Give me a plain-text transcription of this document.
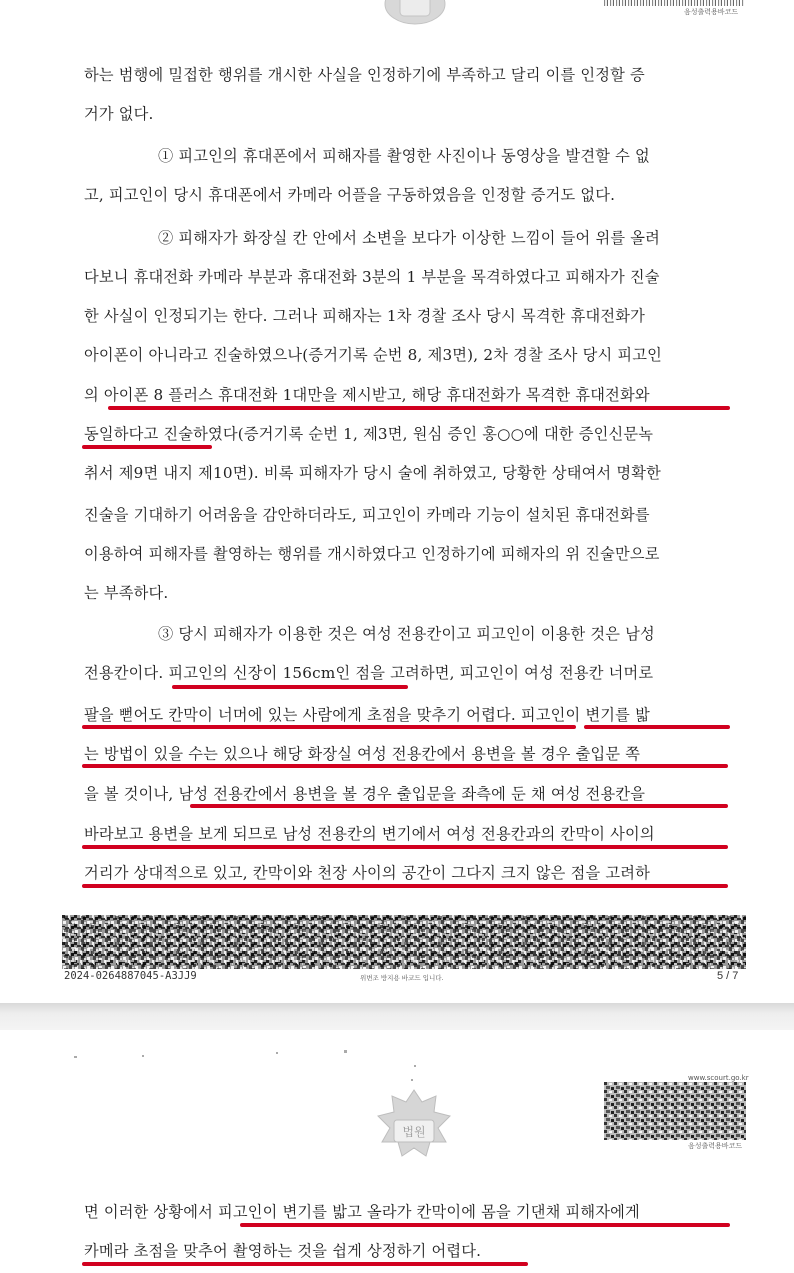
음성출력용바코드
하는 범행에 밀접한 행위를 개시한 사실을 인정하기에 부족하고 달리 이를 인정할 증
거가 없다.
① 피고인의 휴대폰에서 피해자를 촬영한 사진이나 동영상을 발견할 수 없
고, 피고인이 당시 휴대폰에서 카메라 어플을 구동하였음을 인정할 증거도 없다.
② 피해자가 화장실 칸 안에서 소변을 보다가 이상한 느낌이 들어 위를 올려
다보니 휴대전화 카메라 부분과 휴대전화 3분의 1 부분을 목격하였다고 피해자가 진술
한 사실이 인정되기는 한다. 그러나 피해자는 1차 경찰 조사 당시 목격한 휴대전화가
아이폰이 아니라고 진술하였으나(증거기록 순번 8, 제3면), 2차 경찰 조사 당시 피고인
의 아이폰 8 플러스 휴대전화 1대만을 제시받고, 해당 휴대전화가 목격한 휴대전화와
동일하다고 진술하였다(증거기록 순번 1, 제3면, 원심 증인 홍○○에 대한 증인신문녹
취서 제9면 내지 제10면). 비록 피해자가 당시 술에 취하였고, 당황한 상태여서 명확한
진술을 기대하기 어려움을 감안하더라도, 피고인이 카메라 기능이 설치된 휴대전화를
이용하여 피해자를 촬영하는 행위를 개시하였다고 인정하기에 피해자의 위 진술만으로
는 부족하다.
③ 당시 피해자가 이용한 것은 여성 전용칸이고 피고인이 이용한 것은 남성
전용칸이다. 피고인의 신장이 156cm인 점을 고려하면, 피고인이 여성 전용칸 너머로
팔을 뻗어도 칸막이 너머에 있는 사람에게 초점을 맞추기 어렵다. 피고인이 변기를 밟
는 방법이 있을 수는 있으나 해당 화장실 여성 전용칸에서 용변을 볼 경우 출입문 쪽
을 볼 것이나, 남성 전용칸에서 용변을 볼 경우 출입문을 좌측에 둔 채 여성 전용칸을
바라보고 용변을 보게 되므로 남성 전용칸의 변기에서 여성 전용칸과의 칸막이 사이의
거리가 상대적으로 있고, 칸막이와 천장 사이의 공간이 그다지 크지 않은 점을 고려하
2024-0264887045-A3JJ9	위변조 방지용 바코드 입니다.	5 / 7
www.scourt.go.kr
음성출력용바코드
법원
면 이러한 상황에서 피고인이 변기를 밟고 올라가 칸막이에 몸을 기댄채 피해자에게
카메라 초점을 맞추어 촬영하는 것을 쉽게 상정하기 어렵다.
